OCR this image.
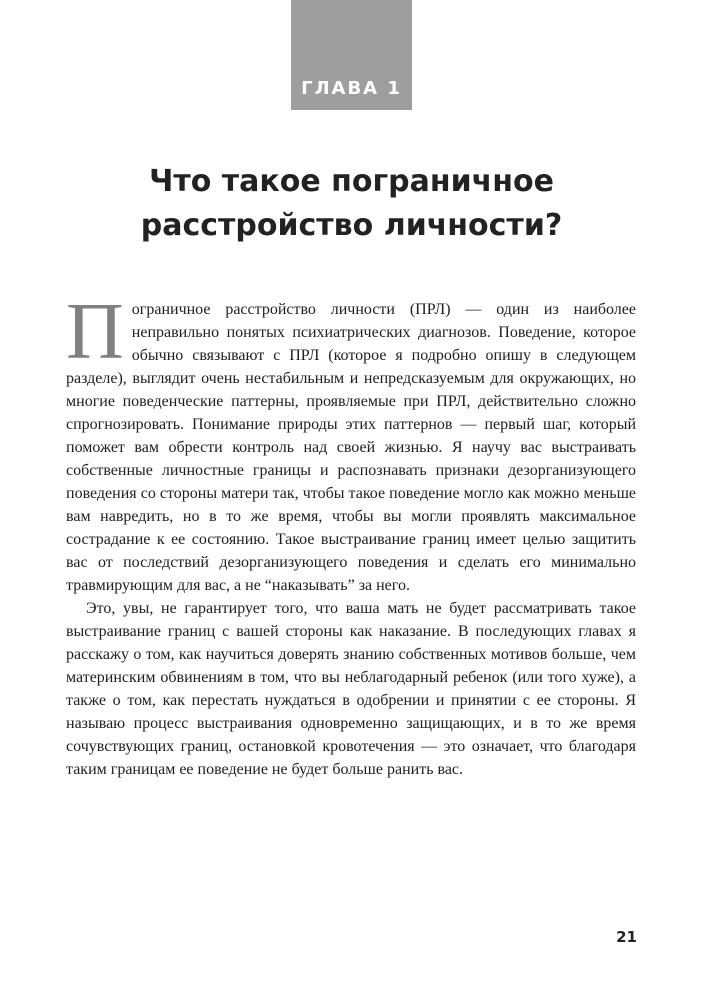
ГЛАВА 1
Что такое пограничное
расстройство личности?

Пограничное расстройство личности (ПРЛ) — один из наиболее неправильно понятых психиатрических диагнозов. Поведение, которое обычно связывают с ПРЛ (которое я подробно опишу в следующем разделе), выглядит очень нестабильным и непредсказуемым для окружающих, но многие поведенческие паттерны, проявляемые при ПРЛ, действительно сложно спрогнозировать. Понимание природы этих паттернов — первый шаг, который поможет вам обрести контроль над своей жизнью. Я научу вас выстраивать собственные личностные границы и распознавать признаки дезорганизующего поведения со стороны матери так, чтобы такое поведение могло как можно меньше вам навредить, но в то же время, чтобы вы могли проявлять максимальное сострадание к ее состоянию. Такое выстраивание границ имеет целью защитить вас от последствий дезорганизующего поведения и сделать его минимально травмирующим для вас, а не “наказывать” за него.

Это, увы, не гарантирует того, что ваша мать не будет рассматривать такое выстраивание границ с вашей стороны как наказание. В последующих главах я расскажу о том, как научиться доверять знанию собственных мотивов больше, чем материнским обвинениям в том, что вы неблагодарный ребенок (или того хуже), а также о том, как перестать нуждаться в одобрении и принятии с ее стороны. Я называю процесс выстраивания одновременно защищающих, и в то же время сочувствующих границ, остановкой кровотечения — это означает, что благодаря таким границам ее поведение не будет больше ранить вас.

21
